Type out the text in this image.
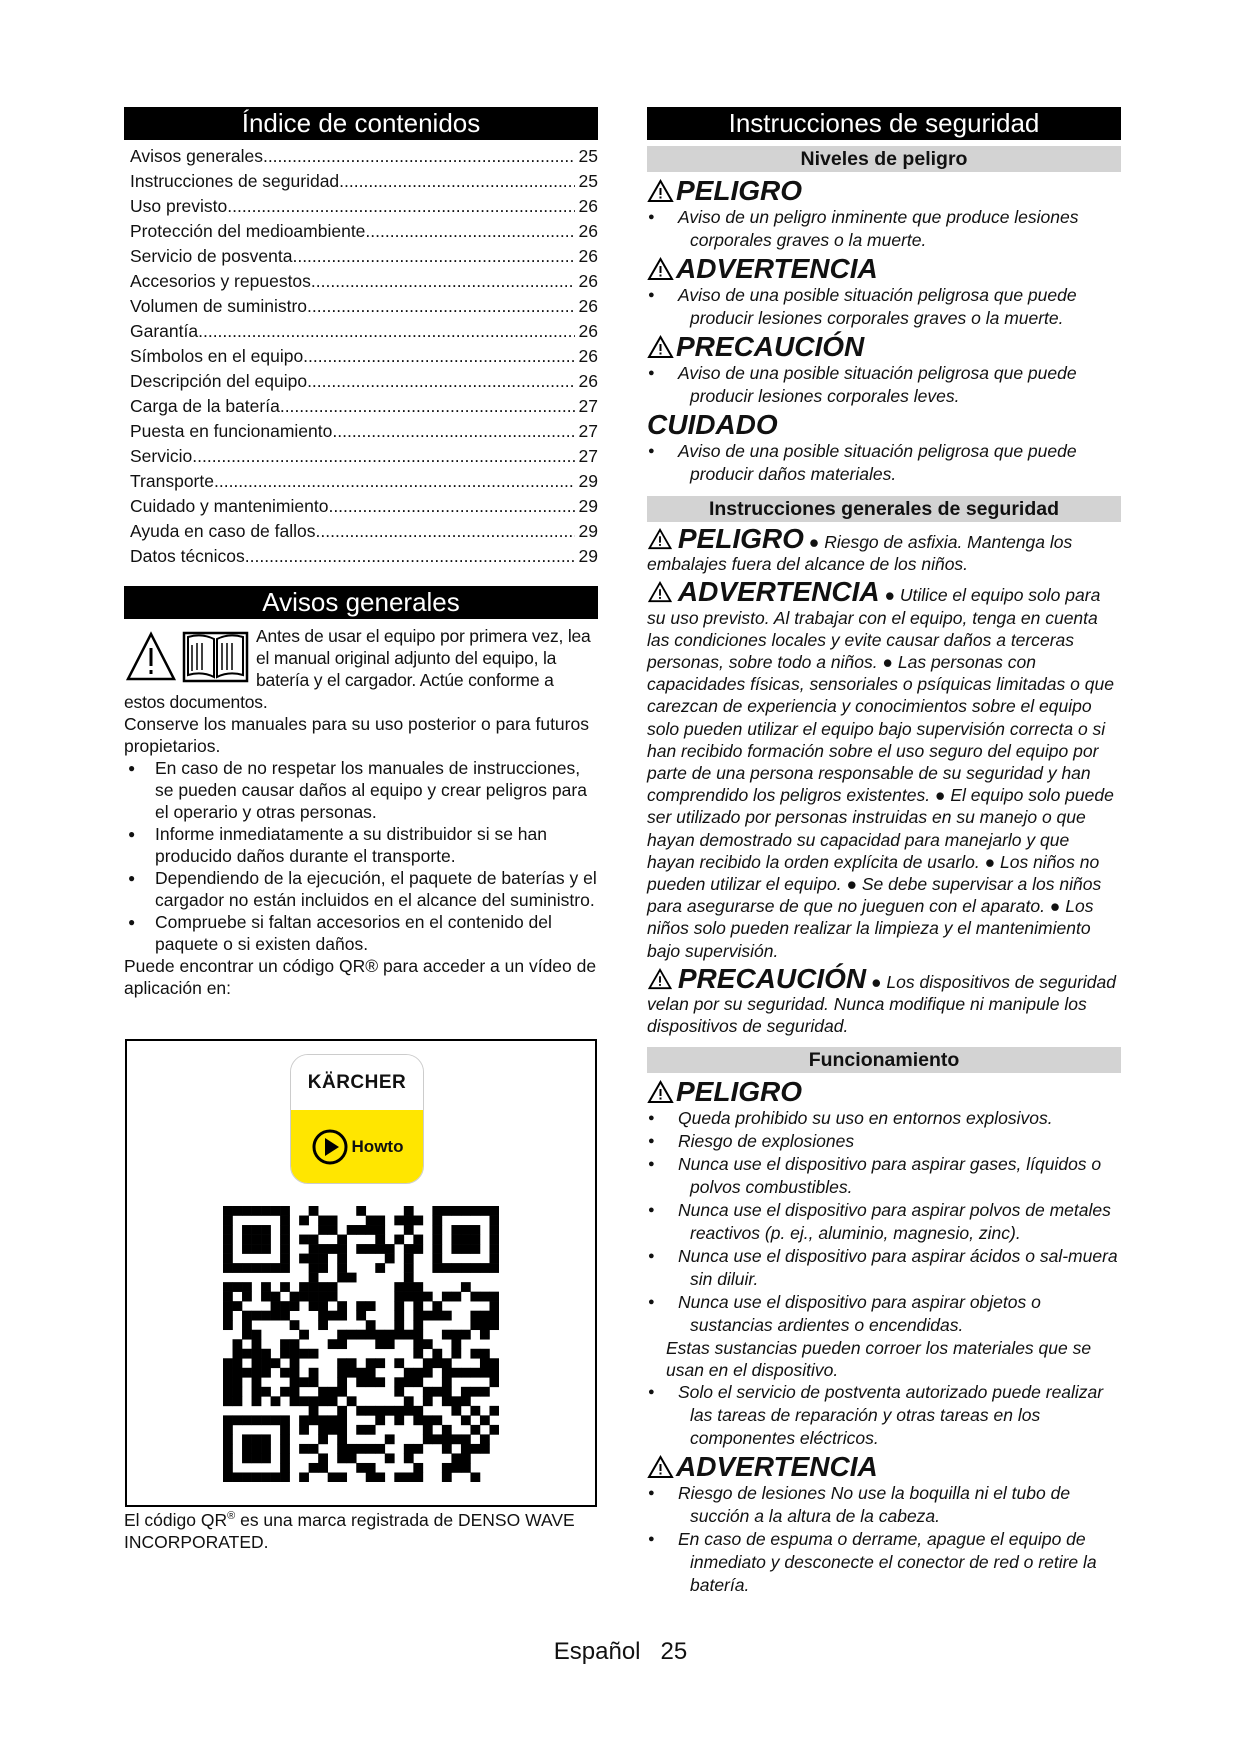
Índice de contenidos
Avisos generales .....	25
Instrucciones de seguridad .....	25
Uso previsto .....	26
Protección del medioambiente .....	26
Servicio de posventa .....	26
Accesorios y repuestos .....	26
Volumen de suministro .....	26
Garantía .....	26
Símbolos en el equipo .....	26
Descripción del equipo .....	26
Carga de la batería .....	27
Puesta en funcionamiento .....	27
Servicio .....	27
Transporte .....	29
Cuidado y mantenimiento .....	29
Ayuda en caso de fallos .....	29
Datos técnicos .....	29
Avisos generales
Antes de usar el equipo por primera vez, lea el manual original adjunto del equipo, la batería y el cargador. Actúe conforme a estos documentos.

Conserve los manuales para su uso posterior o para futuros propietarios.

● En caso de no respetar los manuales de instrucciones, se pueden causar daños al equipo y crear peligros para el operario y otras personas.
● Informe inmediatamente a su distribuidor si se han producido daños durante el transporte.
● Dependiendo de la ejecución, el paquete de baterías y el cargador no están incluidos en el alcance del suministro.
● Compruebe si faltan accesorios en el contenido del paquete o si existen daños.

Puede encontrar un código QR® para acceder a un vídeo de aplicación en:

KÄRCHER
Howto

El código QR® es una marca registrada de DENSO WAVE INCORPORATED.

Instrucciones de seguridad
Niveles de peligro
PELIGRO
● Aviso de un peligro inminente que produce lesiones corporales graves o la muerte.
ADVERTENCIA
● Aviso de una posible situación peligrosa que puede producir lesiones corporales graves o la muerte.
PRECAUCIÓN
● Aviso de una posible situación peligrosa que puede producir lesiones corporales leves.
CUIDADO
● Aviso de una posible situación peligrosa que puede producir daños materiales.
Instrucciones generales de seguridad

PELIGRO ● Riesgo de asfixia. Mantenga los embalajes fuera del alcance de los niños.

ADVERTENCIA ● Utilice el equipo solo para su uso previsto. Al trabajar con el equipo, tenga en cuenta las condiciones locales y evite causar daños a terceras personas, sobre todo a niños. ● Las personas con capacidades físicas, sensoriales o psíquicas limitadas o que carezcan de experiencia y conocimientos sobre el equipo solo pueden utilizar el equipo bajo supervisión correcta o si han recibido formación sobre el uso seguro del equipo por parte de una persona responsable de su seguridad y han comprendido los peligros existentes. ● El equipo solo puede ser utilizado por personas instruidas en su manejo o que hayan demostrado su capacidad para manejarlo y que hayan recibido la orden explícita de usarlo. ● Los niños no pueden utilizar el equipo. ● Se debe supervisar a los niños para asegurarse de que no jueguen con el aparato. ● Los niños solo pueden realizar la limpieza y el mantenimiento bajo supervisión.

PRECAUCIÓN ● Los dispositivos de seguridad velan por su seguridad. Nunca modifique ni manipule los dispositivos de seguridad.

Funcionamiento
PELIGRO
● Queda prohibido su uso en entornos explosivos.
● Riesgo de explosiones
● Nunca use el dispositivo para aspirar gases, líquidos o polvos combustibles.
● Nunca use el dispositivo para aspirar polvos de metales reactivos (p. ej., aluminio, magnesio, zinc).
● Nunca use el dispositivo para aspirar ácidos o sal-muera sin diluir.
● Nunca use el dispositivo para aspirar objetos o sustancias ardientes o encendidas.
Estas sustancias pueden corroer los materiales que se usan en el dispositivo.
● Solo el servicio de postventa autorizado puede realizar las tareas de reparación y otras tareas en los componentes eléctricos.
ADVERTENCIA
● Riesgo de lesiones No use la boquilla ni el tubo de succión a la altura de la cabeza.
● En caso de espuma o derrame, apague el equipo de inmediato y desconecte el conector de red o retire la batería.
Español 25
